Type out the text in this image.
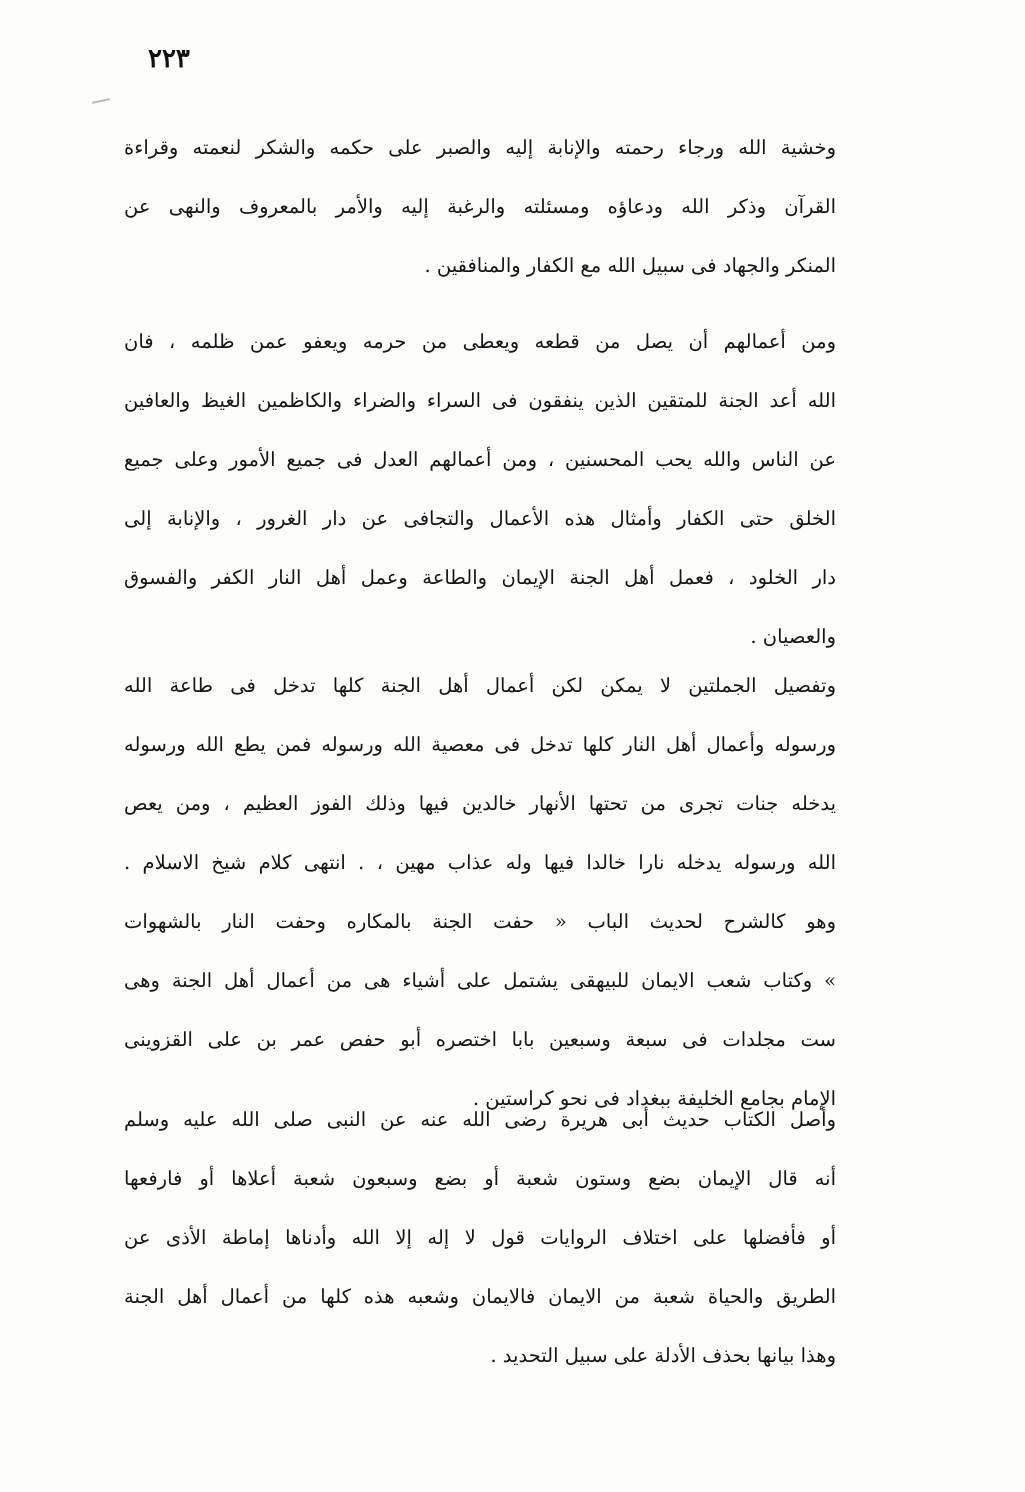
٢٢٣
وخشية الله ورجاء رحمته والإنابة إليه والصبر على حكمه والشكر لنعمته وقراءة
القرآن وذكر الله ودعاؤه ومسئلته والرغبة إليه والأمر بالمعروف والنهى عن
المنكر والجهاد فى سبيل الله مع الكفار والمنافقين .
ومن أعمالهم أن يصل من قطعه ويعطى من حرمه ويعفو عمن ظلمه ، فان
الله أعد الجنة للمتقين الذين ينفقون فى السراء والضراء والكاظمين الغيظ والعافين
عن الناس والله يحب المحسنين ، ومن أعمالهم العدل فى جميع الأمور وعلى جميع
الخلق حتى الكفار وأمثال هذه الأعمال والتجافى عن دار الغرور ، والإنابة إلى
دار الخلود ، فعمل أهل الجنة الإيمان والطاعة وعمل أهل النار الكفر والفسوق
والعصيان .
وتفصيل الجملتين لا يمكن لكن أعمال أهل الجنة كلها تدخل فى طاعة الله
ورسوله وأعمال أهل النار كلها تدخل فى معصية الله ورسوله فمن يطع الله ورسوله
يدخله جنات تجرى من تحتها الأنهار خالدين فيها وذلك الفوز العظيم ، ومن يعص
الله ورسوله يدخله نارا خالدا فيها وله عذاب مهين ، . انتهى كلام شيخ الاسلام .
وهو كالشرح لحديث الباب « حفت الجنة بالمكاره وحفت النار بالشهوات
» وكتاب شعب الايمان للبيهقى يشتمل على أشياء هى من أعمال أهل الجنة وهى
ست مجلدات فى سبعة وسبعين بابا اختصره أبو حفص عمر بن على القزوينى
الإمام بجامع الخليفة ببغداد فى نحو كراستين .
وأصل الكتاب حديث أبى هريرة رضى الله عنه عن النبى صلى الله عليه وسلم
أنه قال الإيمان بضع وستون شعبة أو بضع وسبعون شعبة أعلاها أو فارفعها
أو فأفضلها على اختلاف الروايات قول لا إله إلا الله وأدناها إماطة الأذى عن
الطريق والحياة شعبة من الايمان فالايمان وشعبه هذه كلها من أعمال أهل الجنة
وهذا بيانها بحذف الأدلة على سبيل التحديد .
